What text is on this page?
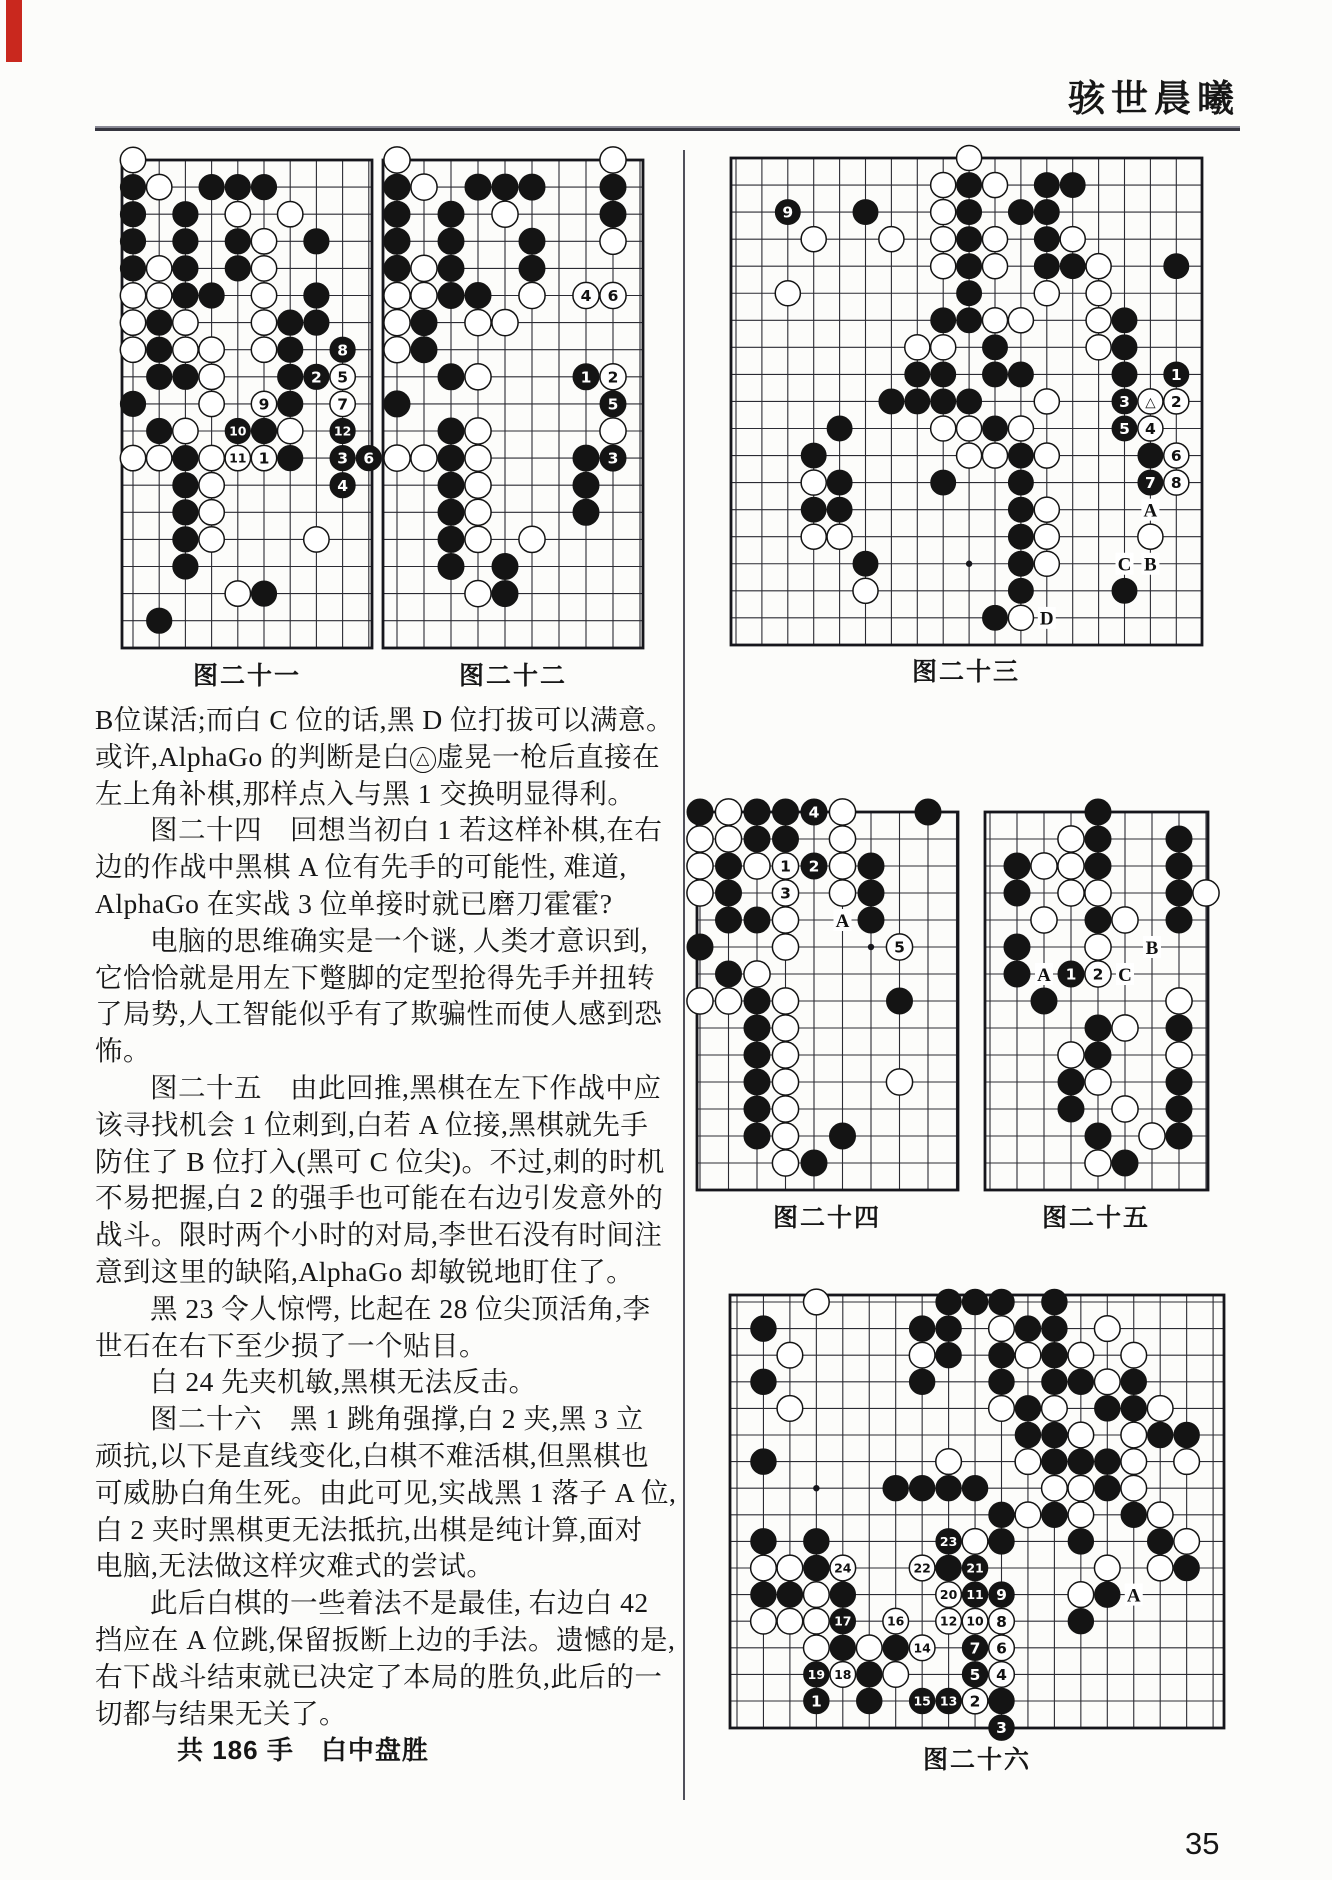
骇世晨曦
B位谋活;而白 C 位的话,黑 D 位打拔可以满意。
或许,AlphaGo 的判断是白 △ 虚晃一枪后直接在
左上角补棋,那样点入与黑 1 交换明显得利。
图二十四　回想当初白 1 若这样补棋,在右
边的作战中黑棋 A 位有先手的可能性, 难道,
AlphaGo 在实战 3 位单接时就已磨刀霍霍?
电脑的思维确实是一个谜, 人类才意识到,
它恰恰就是用左下蹩脚的定型抢得先手并扭转
了局势,人工智能似乎有了欺骗性而使人感到恐
怖。
图二十五　由此回推,黑棋在左下作战中应
该寻找机会 1 位刺到,白若 A 位接,黑棋就先手
防住了 B 位打入(黑可 C 位尖)。不过,刺的时机
不易把握,白 2 的强手也可能在右边引发意外的
战斗。限时两个小时的对局,李世石没有时间注
意到这里的缺陷,AlphaGo 却敏锐地盯住了。
黑 23 令人惊愕, 比起在 28 位尖顶活角,李
世石在右下至少损了一个贴目。
白 24 先夹机敏,黑棋无法反击。
图二十六　黑 1 跳角强撑,白 2 夹,黑 3 立
顽抗,以下是直线变化,白棋不难活棋,但黑棋也
可威胁白角生死。由此可见,实战黑 1 落子 A 位,
白 2 夹时黑棋更无法抵抗,出棋是纯计算,面对
电脑,无法做这样灾难式的尝试。
此后白棋的一些着法不是最佳, 右边白 42
挡应在 A 位跳,保留扳断上边的手法。遗憾的是,
右下战斗结束就已决定了本局的胜负,此后的一
切都与结果无关了。
共 186 手　白中盘胜
8
2 5
9	7
10	12
11 1	3 6
4
图二十一
4 6
1 2
5
3
图二十二
9
1
3 △ 2
5 4
6
7 8
A
C B
D
图二十三
4
1 2
3
5
A
图二十四
1 2
B
A	C
图二十五
23
24	22	21
20 11 9
17	16	12 10 8
14	7 6
19 18	5 4
1	15 13 2
3
A
图二十六
35
